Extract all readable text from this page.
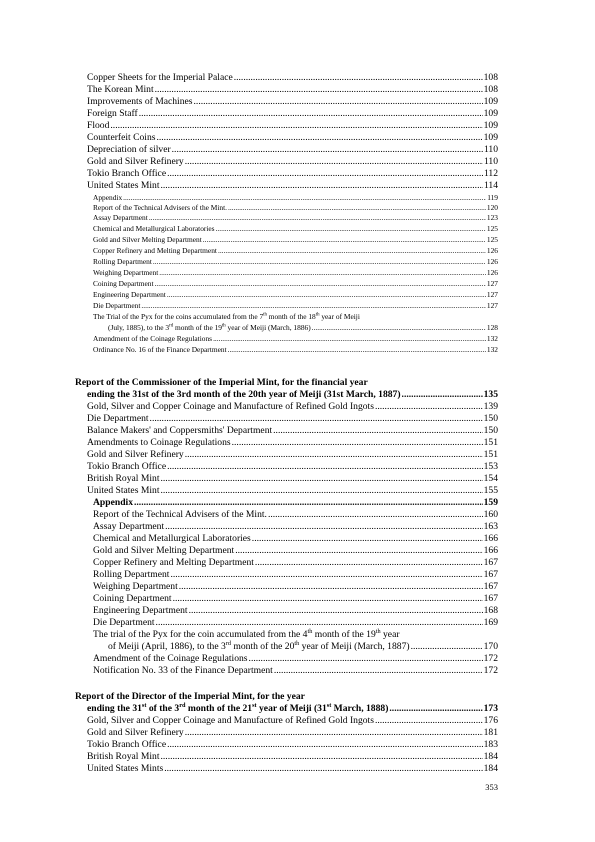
Copper Sheets for the Imperial Palace .....	108
The Korean Mint .....	108
Improvements of Machines .....	109
Foreign Staff .....	109
Flood .....	109
Counterfeit Coins .....	109
Depreciation of silver .....	110
Gold and Silver Refinery .....	110
Tokio Branch Office .....	112
United States Mint .....	114
Appendix .....	119
Report of the Technical Advisers of the Mint. .....	120
Assay Department .....	123
Chemical and Metallurgical Laboratories .....	125
Gold and Silver Melting Department .....	125
Copper Refinery and Melting Department .....	126
Rolling Department .....	126
Weighing Department .....	126
Coining Department .....	127
Engineering Department .....	127
Die Department .....	127
The Trial of the Pyx for the coins accumulated from the 7th month of the 18th year of Meiji
(July, 1885), to the 3rd month of the 19th year of Meiji (March, 1886) .....	128
Amendment of the Coinage Regulations .....	132
Ordinance No. 16 of the Finance Department .....	132
Report of the Commissioner of the Imperial Mint, for the financial year
ending the 31st of the 3rd month of the 20th year of Meiji (31st March, 1887) .....	135
Gold, Silver and Copper Coinage and Manufacture of Refined Gold Ingots .....	139
Die Department .....	150
Balance Makers' and Coppersmiths' Department .....	150
Amendments to Coinage Regulations .....	151
Gold and Silver Refinery .....	151
Tokio Branch Office .....	153
British Royal Mint .....	154
United States Mint .....	155
Appendix .....	159
Report of the Technical Advisers of the Mint. .....	160
Assay Department .....	163
Chemical and Metallurgical Laboratories .....	166
Gold and Silver Melting Department .....	166
Copper Refinery and Melting Department .....	167
Rolling Department .....	167
Weighing Department .....	167
Coining Department .....	167
Engineering Department .....	168
Die Department .....	169
The trial of the Pyx for the coin accumulated from the 4th month of the 19th year
of Meiji (April, 1886), to the 3rd month of the 20th year of Meiji (March, 1887) .....	170
Amendment of the Coinage Regulations .....	172
Notification No. 33 of the Finance Department .....	172
Report of the Director of the Imperial Mint, for the year
ending the 31st of the 3rd month of the 21st year of Meiji (31st March, 1888) .....	173
Gold, Silver and Copper Coinage and Manufacture of Refined Gold Ingots .....	176
Gold and Silver Refinery .....	181
Tokio Branch Office .....	183
British Royal Mint .....	184
United States Mints .....	184
353
